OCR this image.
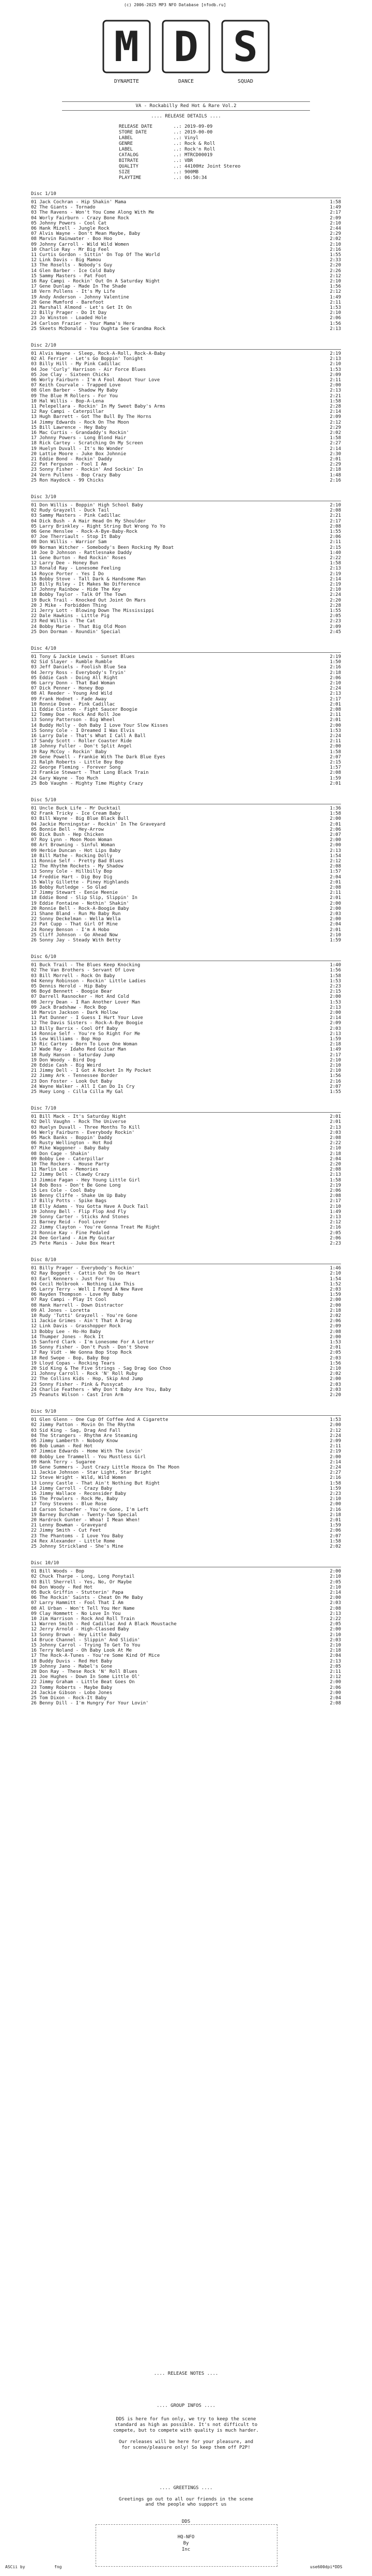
(c) 2006-2025 MP3 NFO Database [nfodb.ru]
M D S
DYNAMITE	DANCE	SQUAD
VA - Rockabilly Red Hot & Rare Vol.2
.... RELEASE DETAILS ....
RELEASE DATE	..: 2019-09-09
STORE DATE	..: 2019-00-00
LABEL	..: Vinyl
GENRE	..: Rock & Roll
LABEL	..: Rock'n Roll
CATALOG	..: MTRCD00019
BITRATE	..: VBR
QUALITY	..: 44100Hz Joint Stereo
SIZE	..: 900MB
PLAYTIME	..: 06:50:34
Disc 1/10
01 Jack Cochran - Hip Shakin' Mama	1:58
02 The Giants - Tornado	1:49
03 The Ravens - Won't You Come Along With Me	2:17
04 Worly Fairburn - Crazy Bone Rock	2:09
05 Johnny Powers - Cool Cat	2:10
06 Hank Mizell - Jungle Rock	2:44
07 Alvis Wayne - Don't Mean Maybe, Baby	2:29
08 Marvin Rainwater - Boo Hoo	2:02
09 Johnny Carroll - Wild Wild Women	2:10
10 Charlie Ray - Mr Big Feel	2:16
11 Curtis Gordon - Sittin' On Top Of The World	1:55
12 Link Davis - Big Mamou	2:33
13 The Rosells - Nobody's Guy	2:20
14 Glen Barber - Ice Cold Baby	2:26
15 Sammy Masters - Pat Foot	2:12
16 Ray Campi - Rockin' Out On A Saturday Night	2:10
17 Gene Dunlap - Made In The Shade	1:56
18 Vern Pullens - It's My Life	2:12
19 Andy Anderson - Johnny Valentine	1:49
20 Gene Mumford - Barefoot	2:11
21 Marshall Almond - Let's Get It On	1:53
22 Billy Prager - Do It Day	2:10
23 Jo Winston - Loaded Hole	2:06
24 Carlson Frazier - Your Mama's Here	1:56
25 Skeets McDonald - You Oughta See Grandma Rock	2:13
Disc 2/10
01 Alvis Wayne - Sleep, Rock-A-Roll, Rock-A-Baby	2:19
02 Al Ferrier - Let's Go Boppin' Tonight	2:13
03 Billy Hill - My Pink Cadillac	2:10
04 Joe 'Curly' Harrison - Air Force Blues	1:53
05 Joe Clay - Sixteen Chicks	2:09
06 Worly Fairburn - I'm A Fool About Your Love	2:11
07 Keith Courvale - Trapped Love	2:00
08 Glen Barber - Shadow My Baby	2:13
09 The Blue M Rollers - For You	2:21
10 Hal Willis - Bop-A-Lena	1:58
11 Pelepellara - Rockin' In My Sweet Baby's Arms	2:28
12 Ray Campi - Caterpillar	2:14
13 Hugh Barrett - Got The Bull By The Horns	2:09
14 Jimmy Edwards - Rock On The Moon	2:12
15 Bill Lawrence - Hey Baby	2:29
16 Mac Curtis - Grandaddy's Rockin'	2:02
17 Johnny Powers - Long Blond Hair	1:58
18 Rick Cartey - Scratching On My Screen	2:27
19 Huelyn Duvall - It's No Wonder	2:14
20 Lattie Moore - Juke Box Johnnie	2:30
21 Eddie Bond - Rockin' Daddy	2:01
22 Pat Ferguson - Fool I Am	2:29
23 Sonny Fisher - Rockin' And Sockin' In	2:18
24 Vern Pullens - Bop Crazy Baby	1:48
25 Ron Haydock - 99 Chicks	2:16
Disc 3/10
01 Don Willis - Boppin' High School Baby	2:10
02 Rudy Grayzell - Duck Tail	2:08
03 Sammy Masters - Pink Cadillac	2:21
04 Dick Bush - A Hair Head On My Shoulder	2:17
05 Larry Brinkley - Right String But Wrong Yo Yo	2:08
06 Gene Henslee - Rock-A-Bye-Baby-Rock	1:55
07 Joe Therriault - Stop It Baby	2:06
08 Don Willis - Warrior Sam	2:11
09 Norman Witcher - Somebody's Been Rocking My Boat	2:15
10 Joe D Johnson - Rattlesnake Daddy	1:40
11 Gene Burton - Red Rockin' Roses	2:22
12 Larry Dee - Honey Bun	1:58
13 Ronald Ray - Lonesome Feeling	2:13
14 Royce Porter - Yes I Do	2:19
15 Bobby Stove - Tall Dark & Handsome Man	2:14
16 Billy Riley - It Makes No Difference	2:19
17 Johnny Rainbow - Hide The Key	2:10
18 Bobby Taylor - Talk Of The Town	2:24
19 Buck Trail - Knocked Out Joint On Mars	2:20
20 J Mike - Forbidden Thing	2:28
21 Jerry Lott - Blowing Down The Mississippi	1:55
22 Dale Hawkins - Little Pig	2:05
23 Red Willis - The Cat	2:23
24 Bobby Marie - That Big Old Moon	2:09
25 Don Dorman - Roundin' Special	2:45
Disc 4/10
01 Tony & Jackie Lewis - Sunset Blues	2:19
02 Sid Slayer - Rumble Rumble	1:50
03 Jeff Daniels - Foolish Blue Sea	2:16
04 Jerry Ross - Everybody's Tryin'	2:18
05 Eddie Cash - Doing All Right	2:06
06 Larry Donn - That Bad Woman	2:10
07 Dick Penner - Honey Bop	2:24
08 Al Reeder - Young And Wild	2:13
09 Frank Hodnet - Fade Away	2:17
10 Ronnie Dove - Pink Cadillac	2:01
11 Eddie Clinton - Fight Saucer Boogie	2:08
12 Tommy Doe - Rock And Roll Joe	2:11
13 Sonny Patterson - Big Wheel	2:01
14 Buddy Holly - Ooh Baby I Love Your Slow Kisses	2:00
15 Sonny Cole - I Dreamed I Was Elvis	1:53
16 Larry Dale - That's What I Call A Ball	2:24
17 Sandy Scott - Roller Coaster Ride	2:11
18 Johnny Fuller - Don't Split Angel	2:00
19 Ray McCoy - Rockin' Baby	1:58
20 Gene Powell - Frankie With The Dark Blue Eyes	2:07
21 Ralph Roberts - Little Boy Bop	2:15
22 George Fleming - Forever Song	1:57
23 Frankie Stewart - That Long Black Train	2:08
24 Gary Wayne - Too Much	1:59
25 Bob Vaughn - Mighty Time Mighty Crazy	2:01
Disc 5/10
01 Uncle Buck Life - Mr Ducktail	1:36
02 Frank Tricky - Ice Cream Baby	1:58
03 Bill Wayne - Big Blue Black Bull	2:00
04 Jackie Morningstar - Rockin' In The Graveyard	2:01
05 Bonnie Bell - Hey-Arrow	2:06
06 Dick Bush - Hep Chicken	2:07
07 Roy Lynn - Moon Moon Woman	2:00
08 Art Browning - Sinful Woman	2:00
09 Herbie Duncan - Hot Lips Baby	2:13
10 Bill Mathe - Rocking Dolly	1:54
11 Ronnie Self - Pretty Bad Blues	2:12
12 The Rhythm Rockets - My Shadow	2:08
13 Sonny Cole - Hillbilly Bop	1:57
14 Freddie Hart - Dig Boy Dig	2:04
15 Wally Gillette - Piney Highlands	2:01
16 Bobby Rutledge - So Glad	2:08
17 Jimmy Stewart - Eenie Meenie	2:11
18 Eddie Bond - Slip Slip, Slippin' In	2:01
19 Eddie Fontaine - Nothin' Shakin'	2:00
20 Ronnie Bell - Rock-A-Boogie Baby	2:00
21 Shane Bland - Run Mo Baby Run	2:03
22 Sonny Deckelman - Wella Wella	2:00
23 Pat Cupp - That Girl Of Mine	2:04
24 Roney Benson - I'm A Hobo	2:01
25 Cliff Johnson - Go Ahead Now	2:10
26 Sonny Jay - Steady With Betty	1:59
Disc 6/10
01 Buck Trail - The Blues Keep Knocking	1:40
02 The Van Brothers - Servant Of Love	1:56
03 Bill Morrell - Rock On Baby	1:58
04 Kenny Robinson - Rockin' Little Ladies	1:53
05 Dennis Herold - Hip Baby	2:23
06 Boyd Bennett - Boogie Bear	2:15
07 Darrell Rasnocker - Hot And Cold	2:00
08 Jerry Dean - I Ran Another Lover Man	1:53
09 Jack Bradshaw - Rock Bop	2:13
10 Marvin Jackson - Dark Hollow	2:00
11 Pat Dunner - I Guess I Hurt Your Love	2:14
12 The Davis Sisters - Rock-A-Bye Boogie	2:09
13 Billy Barrix - Cool Off Baby	2:03
14 Ronnie Self - You're So Right For Me	2:13
15 Lew Williams - Bop Hop	1:59
16 Ric Cartey - Born To Love One Woman	2:18
17 Wade Ray - Idaho Red Guitar Man	1:49
18 Rudy Hanson - Saturday Jump	2:17
19 Don Woody - Bird Dog	2:10
20 Eddie Cash - Big Weird	2:10
21 Jimmy Dell - I Got A Rocket In My Pocket	2:10
22 Jimmy Ark - Tennessee Border	1:56
23 Don Foster - Look Out Baby	2:16
24 Wayne Walker - All I Can Do Is Cry	2:07
25 Huey Long - Cilla Cilla My Gal	1:55
Disc 7/10
01 Bill Mack - It's Saturday Night	2:01
02 Dell Vaughn - Rock The Universe	2:01
03 Huelyn Duvall - Three Months To Kill	2:13
04 Werly Fairburn - Everybody Rockin'	2:03
05 Mack Banks - Boppin' Daddy	2:08
06 Rusty Wellington - Hot Rod	2:22
07 Mike Waggoner - Baby Baby	2:10
08 Don Cage - Shakin'	2:18
09 Bobby Lee - Caterpillar	2:04
10 The Rockers - House Party	2:20
11 Marlin Lee - Memories	2:08
12 Jimmy Dell - Clawdy Crazy	2:13
13 Jimmie Fagan - Hey Young Little Girl	1:58
14 Bob Boss - Don't Be Gone Long	2:19
15 Les Cole - Cool Baby	2:06
16 Benny Cliffe - Shake Um Up Baby	2:08
17 Billy Potts - Spike Bags	2:17
18 Elly Adams - You Gotta Have A Duck Tail	2:10
19 Johnny Bell - Flip Flop And Fly	1:49
20 Sonny Carter - Sticks And Stones	2:13
21 Barney Reid - Fool Lover	2:12
22 Jimmy Clayton - You're Gonna Treat Me Right	2:16
23 Ronnie Kay - Fine Pedaled	2:05
24 Dee Gorland - Aim My Guitar	2:06
25 Pete Manis - Juke Box Heart	2:23
Disc 8/10
01 Billy Prager - Everybody's Rockin'	1:46
02 Ray Boggett - Cattin Out On Go Heart	2:10
03 Earl Kenners - Just For You	1:54
04 Cecil Holbrook - Nothing Like This	1:52
05 Larry Terry - Well I Found A New Rave	2:03
06 Hayden Thompson - Love My Baby	1:59
07 Ray Campi - Play It Cool	2:00
08 Hank Harrell - Down Distractor	2:00
09 Al Jones - Loretta	2:18
10 Rudy 'Tutti' Grayzell - You're Gone	2:02
11 Jackie Grimes - Ain't That A Drag	2:06
12 Link Davis - Grasshopper Rock	2:09
13 Bobby Lee - Ho-Ho Baby	2:08
14 Thumper Jones - Rock It	2:00
15 Sanford Clark - I'm Lonesome For A Letter	1:53
16 Sonny Fisher - Don't Push - Don't Shove	2:01
17 Ray Vidt - We Gonna Bop Stop Rock	2:05
18 Red Swope - Bop, Baby Bop	2:03
19 Lloyd Copas - Rocking Tears	1:56
20 Sid King & The Five Strings - Sag Drag Goo Choo	2:10
21 Johnny Carroll - Rock 'N' Roll Ruby	2:02
22 The Collins Kids - Hop, Skip And Jump	2:00
23 Sonny Fisher - Pink & Pussycat	2:03
24 Charlie Feathers - Why Don't Baby Are You, Baby	2:03
25 Peanuts Wilson - Cast Iron Arm	2:20
Disc 9/10
01 Glen Glenn - One Cup Of Coffee And A Cigarette	1:53
02 Jimmy Patton - Movin On The Rhythm	2:00
03 Sid King - Sag, Drag And Fall	2:12
04 The Strangers - Rhythm Are Steaming	2:24
05 Jimmy Lamberth - Nobody Know	2:09
06 Bob Luman - Red Hot	2:11
07 Jimmie Edwards - Home With The Lovin'	2:19
08 Bobby Lee Trammell - You Mustless Girl	2:00
09 Hank Terry - Sugaree	2:14
10 Gene Summers - Just Crazy Little Hooza On The Moon	2:24
11 Jackie Johnson - Star Light, Star Bright	2:27
12 Steve Wright - Wild, Wild Women	2:16
13 Lonny Castle - That Ain't Nothing But Right	1:58
14 Jimmy Carroll - Crazy Baby	1:59
15 Jimmy Wallace - Reconsider Baby	2:23
16 The Prowlers - Rock Me, Baby	2:10
17 Tony Stevens - Blue Rose	2:00
18 Carson Schaefer - You're Gone, I'm Left	2:16
19 Barney Burcham - Twenty-Two Special	2:18
20 Hardrock Gunter - Whoa! I Mean When!	2:01
21 Lenny Bowman - Graveyard	1:59
22 Jimmy Smith - Cut Feet	2:06
23 The Phantoms - I Love You Baby	2:07
24 Rex Alexander - Little Rome	1:58
25 Johnny Strickland - She's Mine	2:02
Disc 10/10
01 Bill Woods - Bop	2:00
02 Chuck Tharpe - Long, Long Ponytail	2:10
03 Bill Sherrell - Yes, No, Or Maybe	2:05
04 Don Woody - Red Hot	2:10
05 Buck Griffin - Stutterin' Papa	2:14
06 The Rockin' Saints - Cheat On Me Baby	2:00
07 Larry Hammitt - Fool That I Am	2:03
08 Al Urban - Won't Tell You Her Name	2:08
09 Clay Hommett - No Love In You	2:13
10 Jim Harrison - Rock And Roll Train	2:22
11 Warren Smith - Red Cadillac And A Black Moustache	2:05
12 Jerry Arnold - High-Classed Baby	2:00
13 Sonny Brown - Hey Little Baby	2:10
14 Bruce Channel - Slippin' And Slidin'	2:03
15 Johnny Carrol - Trying To Get To You	2:10
16 Terry Noland - Oh Baby Look At Me	2:18
17 The Rock-A-Tunes - You're Some Kind Of Mice	2:04
18 Buddy Duvis - Red Hot Baby	2:13
19 Johnny Jano - Mabel's Gone	2:05
20 Don Ray - These Rock 'N' Roll Blues	2:11
21 Joe Hughes - Down In Some Little Ol'	2:12
22 Jimmy Graham - Little Beat Goes On	2:00
23 Tommy Roberts - Maybe Baby	2:06
24 Jackie Gibson - Lobo Jones	2:00
25 Tom Dixon - Rock-It Baby	2:04
26 Benny Dill - I'm Hungry For Your Lovin'	2:08
.... RELEASE NOTES ....
.... GROUP INFOS ....
DDS is here for fun only, we try to keep the scene
standard as high as possible. It's not difficult to
compete, but to compete with quality is much harder.
Our releases will be here for your pleasure, and
for scene/pleasure only! So keep them off P2P!
.... GREETINGS ....
Greetings go out to all our friends in the scene
and the people who support us
DDS
HQ-NFO
By
Inc
ASCii by	fng	use600dpi*DDS
